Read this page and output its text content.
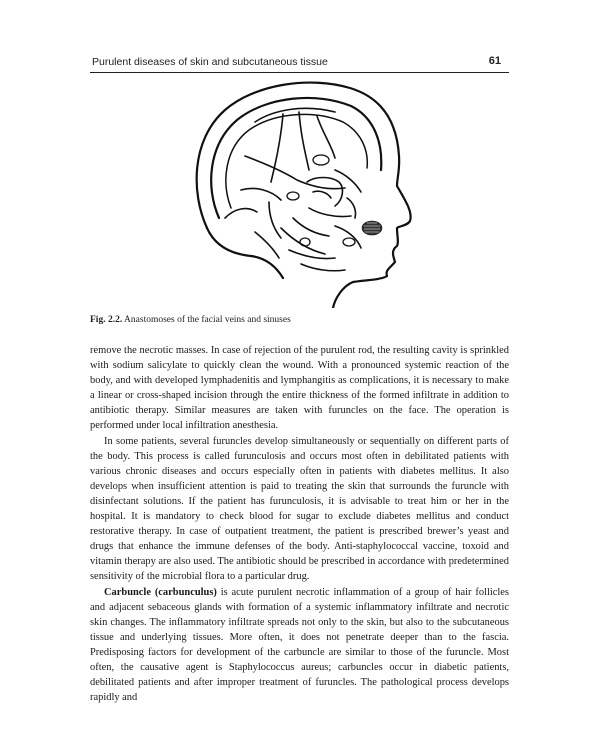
Purulent diseases of skin and subcutaneous tissue	61
Fig. 2.2. Anastomoses of the facial veins and sinuses

remove the necrotic masses. In case of rejection of the purulent rod, the resulting cavity is sprinkled with sodium salicylate to quickly clean the wound. With a pronounced systemic reaction of the body, and with developed lymphadenitis and lymphangitis as complications, it is necessary to make a linear or cross-shaped incision through the entire thickness of the formed infiltrate in addition to antibiotic therapy. Similar measures are taken with furuncles on the face. The operation is performed under local infiltration anesthesia.

In some patients, several furuncles develop simultaneously or sequentially on different parts of the body. This process is called furunculosis and occurs most often in debilitated patients with various chronic diseases and occurs especially often in patients with diabetes mellitus. It also develops when insufficient attention is paid to treating the skin that surrounds the furuncle with disinfectant solutions. If the patient has furunculosis, it is advisable to treat him or her in the hospital. It is mandatory to check blood for sugar to exclude diabetes mellitus and conduct restorative therapy. In case of outpatient treatment, the patient is prescribed brewer’s yeast and drugs that enhance the immune defenses of the body. Anti-staphylococcal vaccine, toxoid and vitamin therapy are also used. The antibiotic should be prescribed in accordance with predetermined sensitivity of the microbial flora to a particular drug.

Carbuncle (carbunculus) is acute purulent necrotic inflammation of a group of hair follicles and adjacent sebaceous glands with formation of a systemic inflammatory infiltrate and necrotic skin changes. The inflammatory infiltrate spreads not only to the skin, but also to the subcutaneous tissue and underlying tissues. More often, it does not penetrate deeper than to the fascia. Predisposing factors for development of the carbuncle are similar to those of the furuncle. Most often, the causative agent is Staphylococcus aureus; carbuncles occur in diabetic patients, debilitated patients and after improper treatment of furuncles. The pathological process develops rapidly and
